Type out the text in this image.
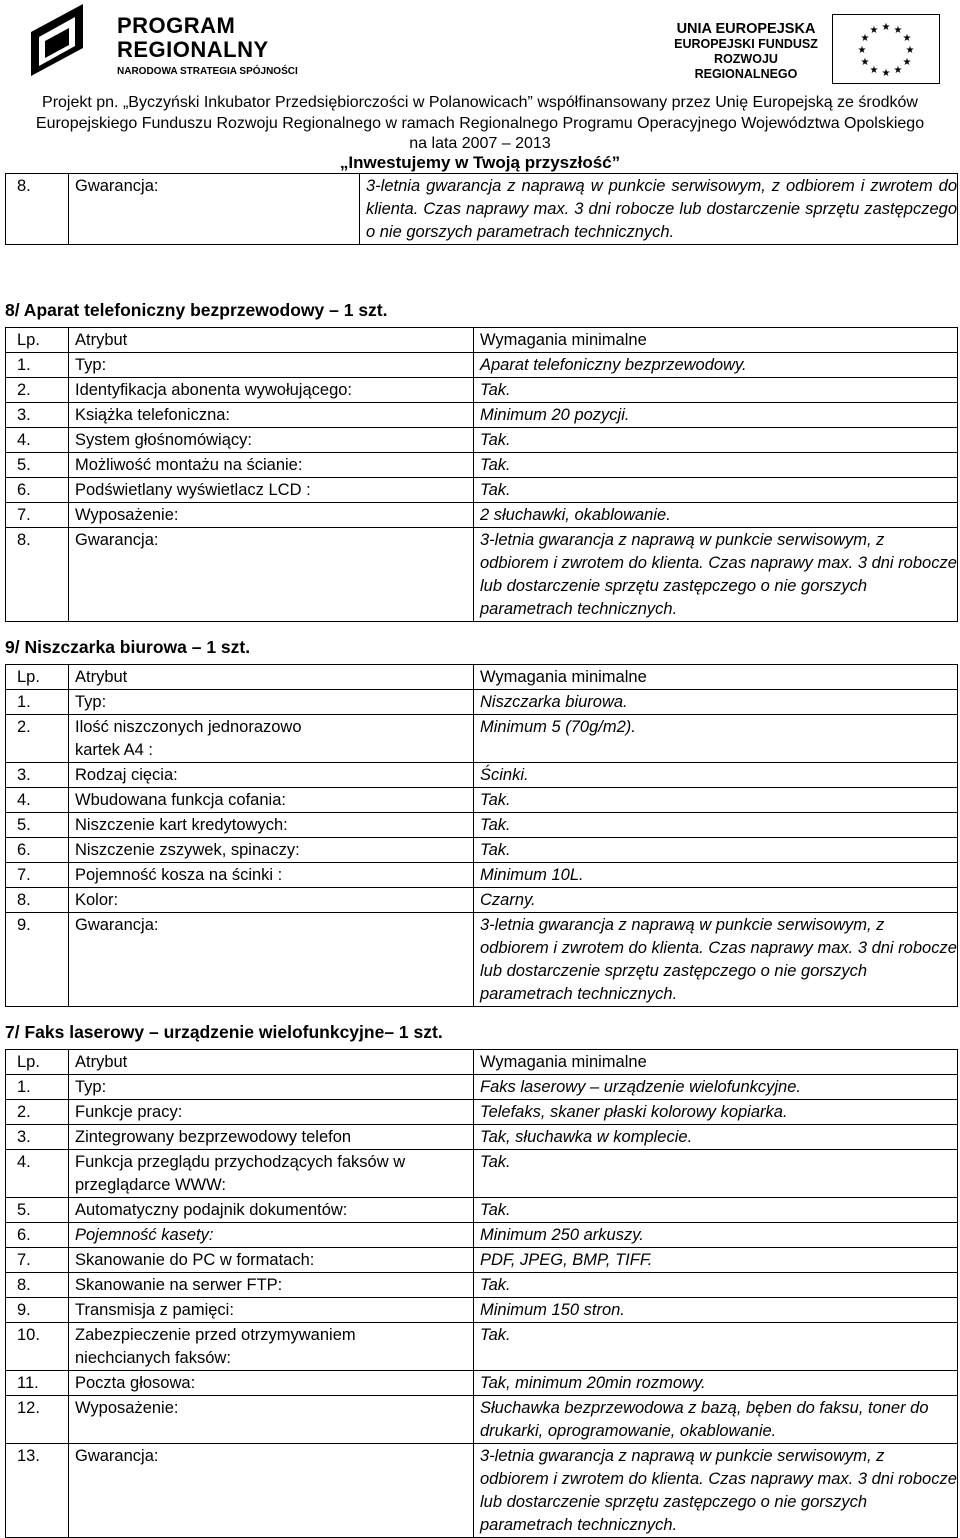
PROGRAM
REGIONALNY
NARODOWA STRATEGIA SPÓJNOŚCI
UNIA EUROPEJSKA
EUROPEJSKI FUNDUSZ
ROZWOJU REGIONALNEGO
★ ★
★
★
★
★
★
★
★
★
★
★
Projekt pn. „Byczyński Inkubator Przedsiębiorczości w Polanowicach” współfinansowany przez Unię Europejską ze środków
Europejskiego Funduszu Rozwoju Regionalnego w ramach Regionalnego Programu Operacyjnego Województwa Opolskiego
na lata 2007 – 2013
„Inwestujemy w Twoją przyszłość”
8.	Gwarancja:	3-letnia gwarancja z naprawą w punkcie serwisowym, z odbiorem i zwrotem do klienta. Czas naprawy max. 3 dni robocze lub dostarczenie sprzętu zastępczego o nie gorszych parametrach technicznych.
8/ Aparat telefoniczny bezprzewodowy – 1 szt.
Lp.	Atrybut	Wymagania minimalne
1.	Typ:	Aparat telefoniczny bezprzewodowy.
2.	Identyfikacja abonenta wywołującego:	Tak.
3.	Książka telefoniczna:	Minimum 20 pozycji.
4.	System głośnomówiący:	Tak.
5.	Możliwość montażu na ścianie:	Tak.
6.	Podświetlany wyświetlacz LCD :	Tak.
7.	Wyposażenie:	2 słuchawki, okablowanie.
8.	Gwarancja:	3-letnia gwarancja z naprawą w punkcie serwisowym, z odbiorem i zwrotem do klienta. Czas naprawy max. 3 dni robocze lub dostarczenie sprzętu zastępczego o nie gorszych parametrach technicznych.
9/ Niszczarka biurowa – 1 szt.
Lp.	Atrybut	Wymagania minimalne
1.	Typ:	Niszczarka biurowa.
2.	Ilość niszczonych jednorazowo kartek A4 :	Minimum 5 (70g/m2).
3.	Rodzaj cięcia:	Ścinki.
4.	Wbudowana funkcja cofania:	Tak.
5.	Niszczenie kart kredytowych:	Tak.
6.	Niszczenie zszywek, spinaczy:	Tak.
7.	Pojemność kosza na ścinki :	Minimum 10L.
8.	Kolor:	Czarny.
9.	Gwarancja:	3-letnia gwarancja z naprawą w punkcie serwisowym, z odbiorem i zwrotem do klienta. Czas naprawy max. 3 dni robocze lub dostarczenie sprzętu zastępczego o nie gorszych parametrach technicznych.
7/ Faks laserowy – urządzenie wielofunkcyjne– 1 szt.
Lp.	Atrybut	Wymagania minimalne
1.	Typ:	Faks laserowy – urządzenie wielofunkcyjne.
2.	Funkcje pracy:	Telefaks, skaner płaski kolorowy kopiarka.
3.	Zintegrowany bezprzewodowy telefon	Tak, słuchawka w komplecie.
4.	Funkcja przeglądu przychodzących faksów w przeglądarce WWW:	Tak.
5.	Automatyczny podajnik dokumentów:	Tak.
6.	Pojemność kasety:	Minimum 250 arkuszy.
7.	Skanowanie do PC w formatach:	PDF, JPEG, BMP, TIFF.
8.	Skanowanie na serwer FTP:	Tak.
9.	Transmisja z pamięci:	Minimum 150 stron.
10.	Zabezpieczenie przed otrzymywaniem niechcianych faksów:	Tak.
11.	Poczta głosowa:	Tak, minimum 20min rozmowy.
12.	Wyposażenie:	Słuchawka bezprzewodowa z bazą, bęben do faksu, toner do drukarki, oprogramowanie, okablowanie.
13.	Gwarancja:	3-letnia gwarancja z naprawą w punkcie serwisowym, z odbiorem i zwrotem do klienta. Czas naprawy max. 3 dni robocze lub dostarczenie sprzętu zastępczego o nie gorszych parametrach technicznych.
